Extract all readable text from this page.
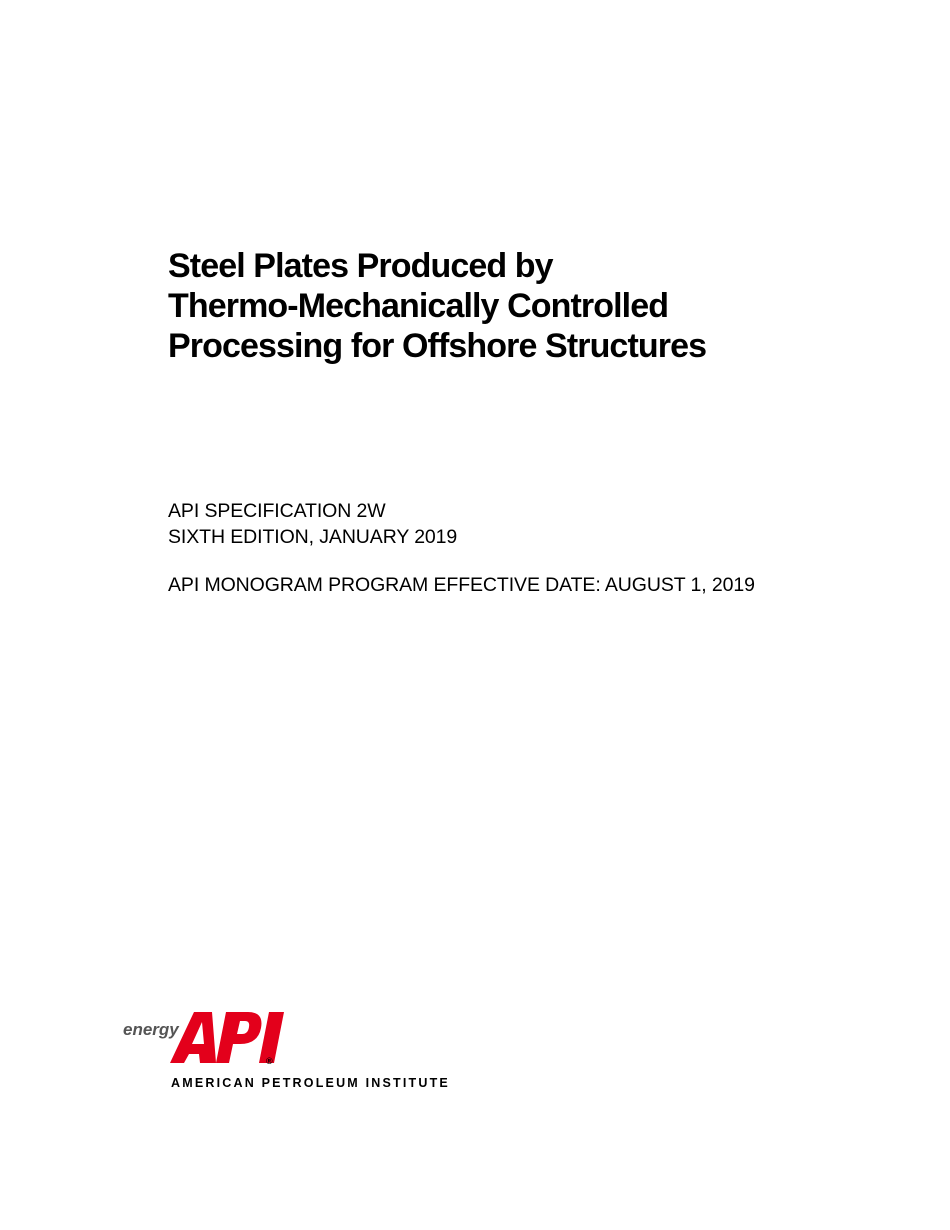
Steel Plates Produced by
Thermo-Mechanically Controlled
Processing for Offshore Structures
API SPECIFICATION 2W
SIXTH EDITION, JANUARY 2019
API MONOGRAM PROGRAM EFFECTIVE DATE: AUGUST 1, 2019
energy
®
AMERICAN PETROLEUM INSTITUTE
